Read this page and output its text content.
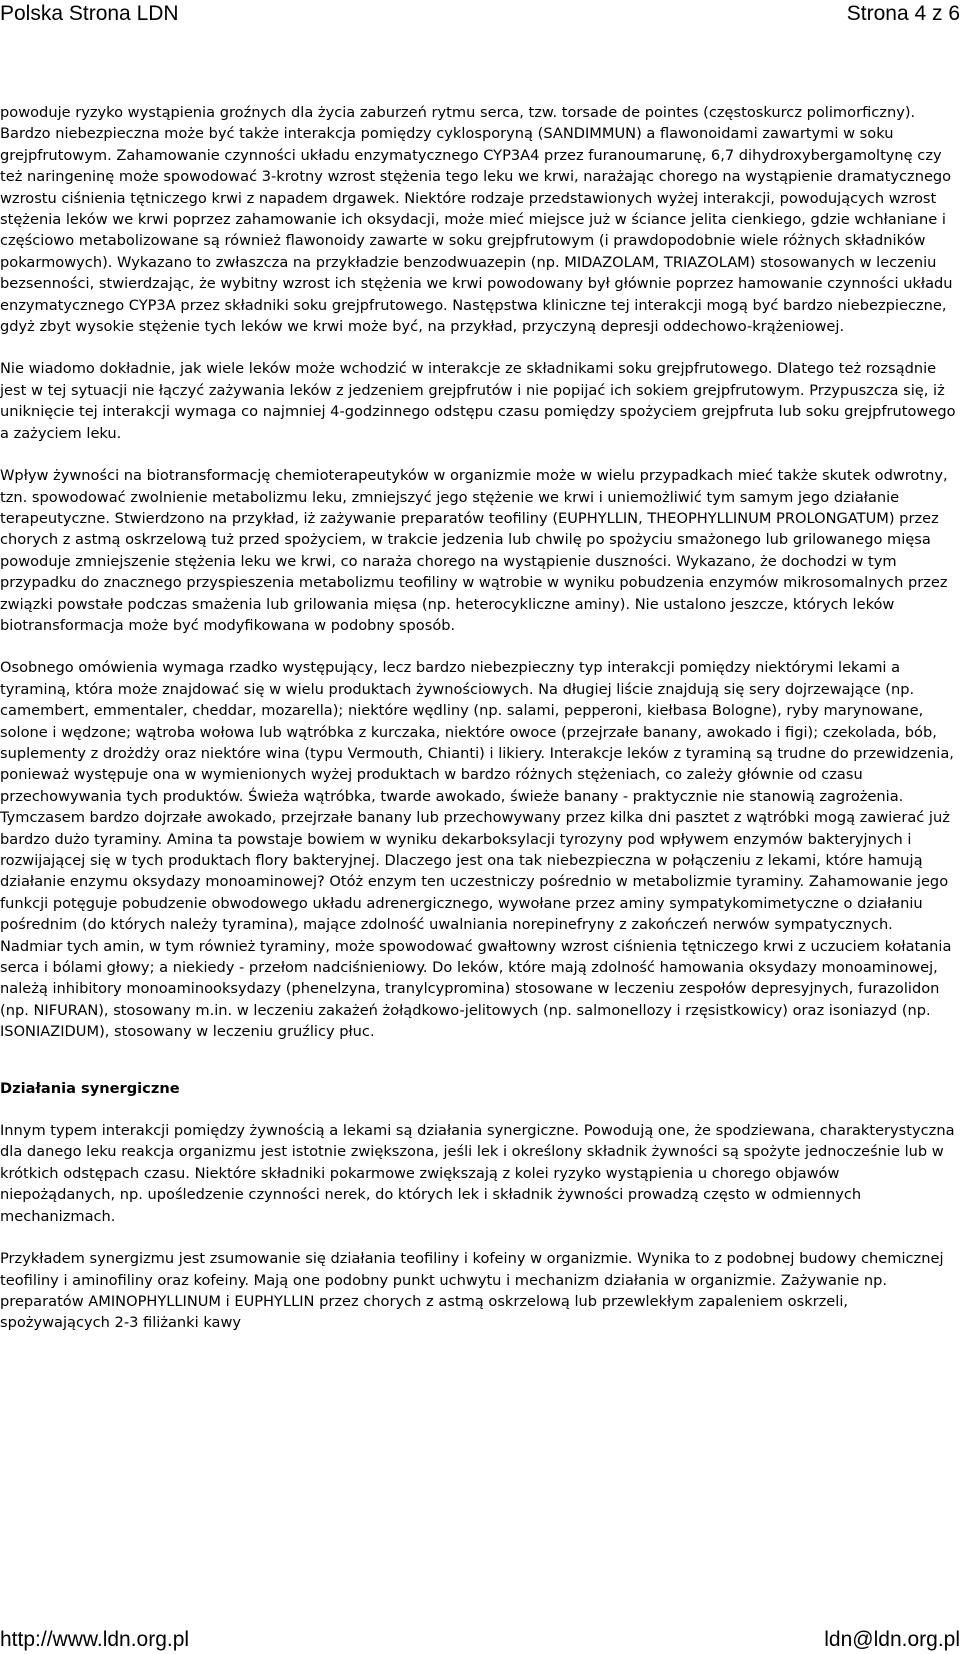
Polska Strona LDN	Strona 4 z 6

powoduje ryzyko wystąpienia groźnych dla życia zaburzeń rytmu serca, tzw. torsade de pointes (częstoskurcz polimorficzny). Bardzo niebezpieczna może być także interakcja pomiędzy cyklosporyną (SANDIMMUN) a flawonoidami zawartymi w soku grejpfrutowym. Zahamowanie czynności układu enzymatycznego CYP3A4 przez furanoumarunę, 6,7 dihydroxybergamoltynę czy też naringeninę może spowodować 3-krotny wzrost stężenia tego leku we krwi, narażając chorego na wystąpienie dramatycznego wzrostu ciśnienia tętniczego krwi z napadem drgawek. Niektóre rodzaje przedstawionych wyżej interakcji, powodujących wzrost stężenia leków we krwi poprzez zahamowanie ich oksydacji, może mieć miejsce już w ściance jelita cienkiego, gdzie wchłaniane i częściowo metabolizowane są również flawonoidy zawarte w soku grejpfrutowym (i prawdopodobnie wiele różnych składników pokarmowych). Wykazano to zwłaszcza na przykładzie benzodwuazepin (np. MIDAZOLAM, TRIAZOLAM) stosowanych w leczeniu bezsenności, stwierdzając, że wybitny wzrost ich stężenia we krwi powodowany był głównie poprzez hamowanie czynności układu enzymatycznego CYP3A przez składniki soku grejpfrutowego. Następstwa kliniczne tej interakcji mogą być bardzo niebezpieczne, gdyż zbyt wysokie stężenie tych leków we krwi może być, na przykład, przyczyną depresji oddechowo-krążeniowej.

Nie wiadomo dokładnie, jak wiele leków może wchodzić w interakcje ze składnikami soku grejpfrutowego. Dlatego też rozsądnie jest w tej sytuacji nie łączyć zażywania leków z jedzeniem grejpfrutów i nie popijać ich sokiem grejpfrutowym. Przypuszcza się, iż uniknięcie tej interakcji wymaga co najmniej 4-godzinnego odstępu czasu pomiędzy spożyciem grejpfruta lub soku grejpfrutowego a zażyciem leku.

Wpływ żywności na biotransformację chemioterapeutyków w organizmie może w wielu przypadkach mieć także skutek odwrotny, tzn. spowodować zwolnienie metabolizmu leku, zmniejszyć jego stężenie we krwi i uniemożliwić tym samym jego działanie terapeutyczne. Stwierdzono na przykład, iż zażywanie preparatów teofiliny (EUPHYLLIN, THEOPHYLLINUM PROLONGATUM) przez chorych z astmą oskrzelową tuż przed spożyciem, w trakcie jedzenia lub chwilę po spożyciu smażonego lub grilowanego mięsa powoduje zmniejszenie stężenia leku we krwi, co naraża chorego na wystąpienie duszności. Wykazano, że dochodzi w tym przypadku do znacznego przyspieszenia metabolizmu teofiliny w wątrobie w wyniku pobudzenia enzymów mikrosomalnych przez związki powstałe podczas smażenia lub grilowania mięsa (np. heterocykliczne aminy). Nie ustalono jeszcze, których leków biotransformacja może być modyfikowana w podobny sposób.

Osobnego omówienia wymaga rzadko występujący, lecz bardzo niebezpieczny typ interakcji pomiędzy niektórymi lekami a tyraminą, która może znajdować się w wielu produktach żywnościowych. Na długiej liście znajdują się sery dojrzewające (np. camembert, emmentaler, cheddar, mozarella); niektóre wędliny (np. salami, pepperoni, kiełbasa Bologne), ryby marynowane, solone i wędzone; wątroba wołowa lub wątróbka z kurczaka, niektóre owoce (przejrzałe banany, awokado i figi); czekolada, bób, suplementy z drożdży oraz niektóre wina (typu Vermouth, Chianti) i likiery. Interakcje leków z tyraminą są trudne do przewidzenia, ponieważ występuje ona w wymienionych wyżej produktach w bardzo różnych stężeniach, co zależy głównie od czasu przechowywania tych produktów. Świeża wątróbka, twarde awokado, świeże banany - praktycznie nie stanowią zagrożenia. Tymczasem bardzo dojrzałe awokado, przejrzałe banany lub przechowywany przez kilka dni pasztet z wątróbki mogą zawierać już bardzo dużo tyraminy. Amina ta powstaje bowiem w wyniku dekarboksylacji tyrozyny pod wpływem enzymów bakteryjnych i rozwijającej się w tych produktach flory bakteryjnej. Dlaczego jest ona tak niebezpieczna w połączeniu z lekami, które hamują działanie enzymu oksydazy monoaminowej? Otóż enzym ten uczestniczy pośrednio w metabolizmie tyraminy. Zahamowanie jego funkcji potęguje pobudzenie obwodowego układu adrenergicznego, wywołane przez aminy sympatykomimetyczne o działaniu pośrednim (do których należy tyramina), mające zdolność uwalniania norepinefryny z zakończeń nerwów sympatycznych. Nadmiar tych amin, w tym również tyraminy, może spowodować gwałtowny wzrost ciśnienia tętniczego krwi z uczuciem kołatania serca i bólami głowy; a niekiedy - przełom nadciśnieniowy. Do leków, które mają zdolność hamowania oksydazy monoaminowej, należą inhibitory monoaminooksydazy (phenelzyna, tranylcypromina) stosowane w leczeniu zespołów depresyjnych, furazolidon (np. NIFURAN), stosowany m.in. w leczeniu zakażeń żołądkowo-jelitowych (np. salmonellozy i rzęsistkowicy) oraz isoniazyd (np. ISONIAZIDUM), stosowany w leczeniu gruźlicy płuc.

Działania synergiczne

Innym typem interakcji pomiędzy żywnością a lekami są działania synergiczne. Powodują one, że spodziewana, charakterystyczna dla danego leku reakcja organizmu jest istotnie zwiększona, jeśli lek i określony składnik żywności są spożyte jednocześnie lub w krótkich odstępach czasu. Niektóre składniki pokarmowe zwiększają z kolei ryzyko wystąpienia u chorego objawów niepożądanych, np. upośledzenie czynności nerek, do których lek i składnik żywności prowadzą często w odmiennych mechanizmach.

Przykładem synergizmu jest zsumowanie się działania teofiliny i kofeiny w organizmie. Wynika to z podobnej budowy chemicznej teofiliny i aminofiliny oraz kofeiny. Mają one podobny punkt uchwytu i mechanizm działania w organizmie. Zażywanie np. preparatów AMINOPHYLLINUM i EUPHYLLIN przez chorych z astmą oskrzelową lub przewlekłym zapaleniem oskrzeli, spożywających 2-3 filiżanki kawy

http://www.ldn.org.pl	ldn@ldn.org.pl
